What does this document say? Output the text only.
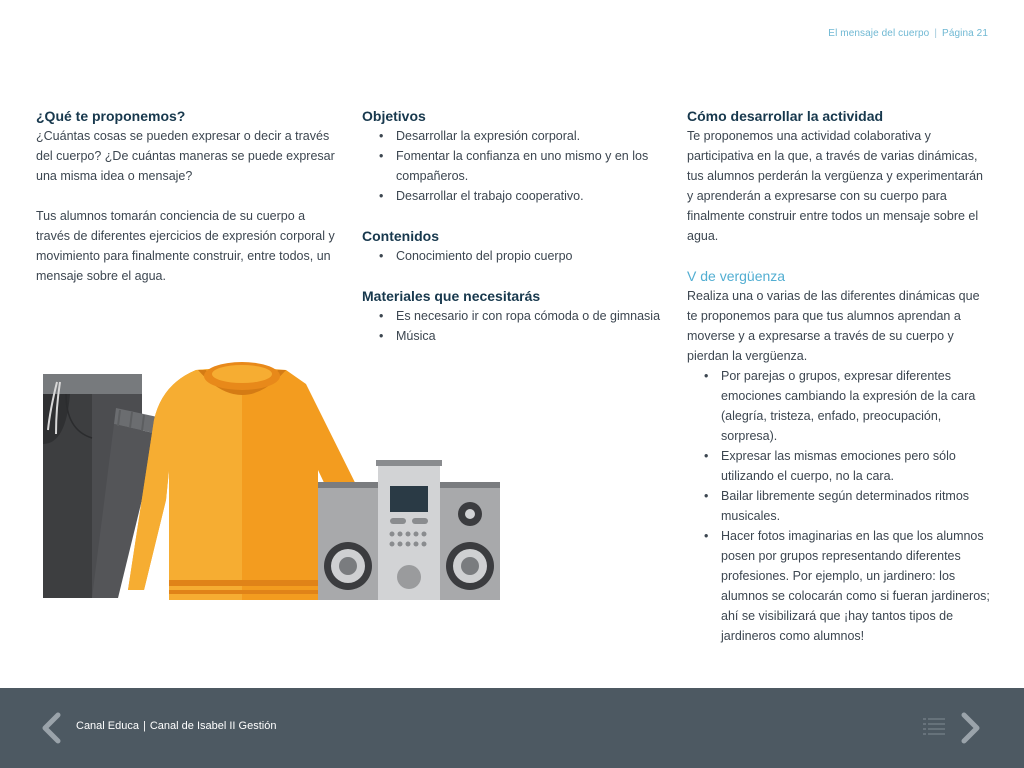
El mensaje del cuerpo | Página 21
¿Qué te proponemos?

¿Cuántas cosas se pueden expresar o decir a través del cuerpo? ¿De cuántas maneras se puede expresar una misma idea o mensaje?

Tus alumnos tomarán conciencia de su cuerpo a través de diferentes ejercicios de expresión corporal y movimiento para finalmente construir, entre todos, un mensaje sobre el agua.

Objetivos
• Desarrollar la expresión corporal.
• Fomentar la confianza en uno mismo y en los compañeros.
• Desarrollar el trabajo cooperativo.
Contenidos
• Conocimiento del propio cuerpo
Materiales que necesitarás
• Es necesario ir con ropa cómoda o de gimnasia
• Música
Cómo desarrollar la actividad

Te proponemos una actividad colaborativa y participativa en la que, a través de varias dinámicas, tus alumnos perderán la vergüenza y experimentarán y aprenderán a expresarse con su cuerpo para finalmente construir entre todos un mensaje sobre el agua.

V de vergüenza

Realiza una o varias de las diferentes dinámicas que te proponemos para que tus alumnos aprendan a moverse y a expresarse a través de su cuerpo y pierdan la vergüenza.

• Por parejas o grupos, expresar diferentes emociones cambiando la expresión de la cara (alegría, tristeza, enfado, preocupación, sorpresa).
• Expresar las mismas emociones pero sólo utilizando el cuerpo, no la cara.
• Bailar libremente según determinados ritmos musicales.
• Hacer fotos imaginarias en las que los alumnos posen por grupos representando diferentes profesiones. Por ejemplo, un jardinero: los alumnos se colocarán como si fueran jardineros; ahí se visibilizará que ¡hay tantos tipos de jardineros como alumnos!
Canal Educa | Canal de Isabel II Gestión
